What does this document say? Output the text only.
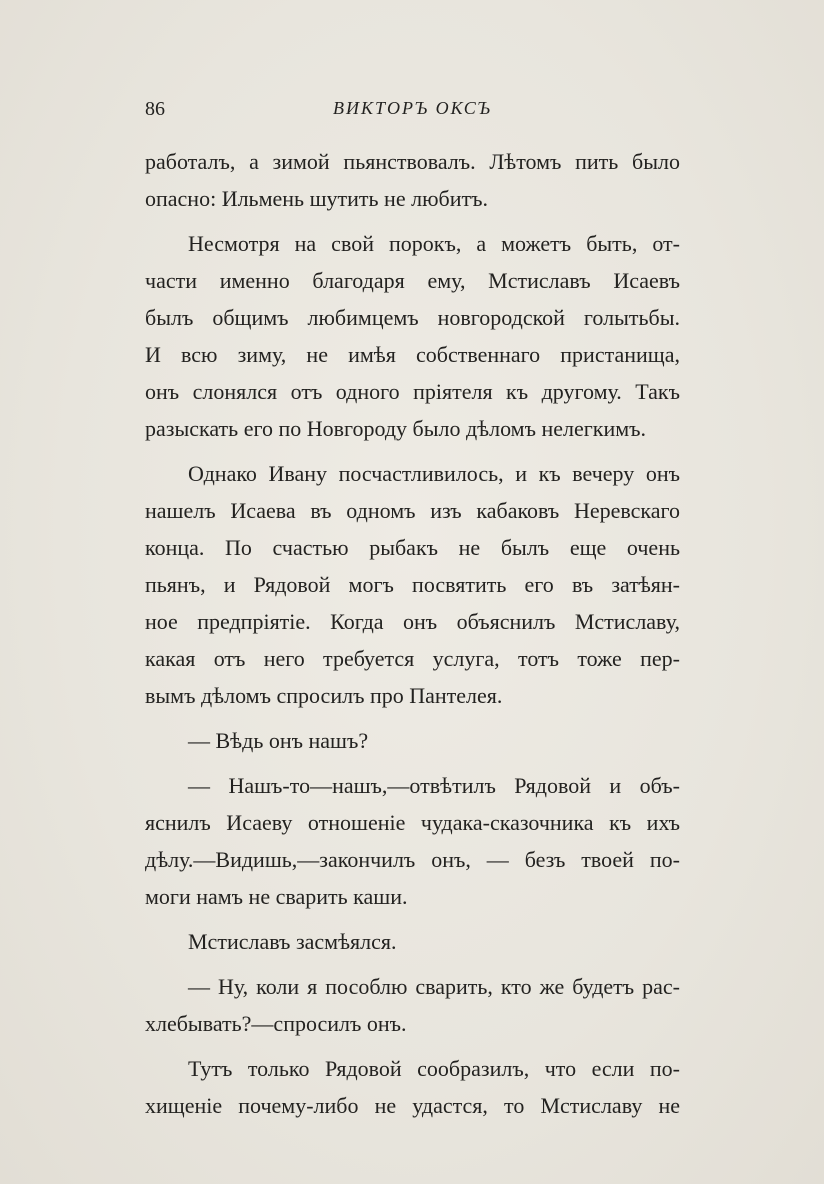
86	ВИКТОРЪ ОКСЪ
работалъ, а зимой пьянствовалъ. Лѣтомъ пить было
опасно: Ильмень шутить не любитъ.
Несмотря на свой порокъ, а можетъ быть, от-
части именно благодаря ему, Мстиславъ Исаевъ
былъ общимъ любимцемъ новгородской голытьбы.
И всю зиму, не имѣя собственнаго пристанища,
онъ слонялся отъ одного прiятеля къ другому. Такъ
разыскать его по Новгороду было дѣломъ нелегкимъ.
Однако Ивану посчастливилось, и къ вечеру онъ
нашелъ Исаева въ одномъ изъ кабаковъ Неревскаго
конца. По счастью рыбакъ не былъ еще очень
пьянъ, и Рядовой могъ посвятить его въ затѣян-
ное предпрiятiе. Когда онъ объяснилъ Мстиславу,
какая отъ него требуется услуга, тотъ тоже пер-
вымъ дѣломъ спросилъ про Пантелея.
— Вѣдь онъ нашъ?
— Нашъ-то—нашъ,—отвѣтилъ Рядовой и объ-
яснилъ Исаеву отношенiе чудака-сказочника къ ихъ
дѣлу.—Видишь,—закончилъ онъ, — безъ твоей по-
моги намъ не сварить каши.
Мстиславъ засмѣялся.
— Ну, коли я пособлю сварить, кто же будетъ рас-
хлебывать?—спросилъ онъ.
Тутъ только Рядовой сообразилъ, что если по-
хищенiе почему-либо не удастся, то Мстиславу не
